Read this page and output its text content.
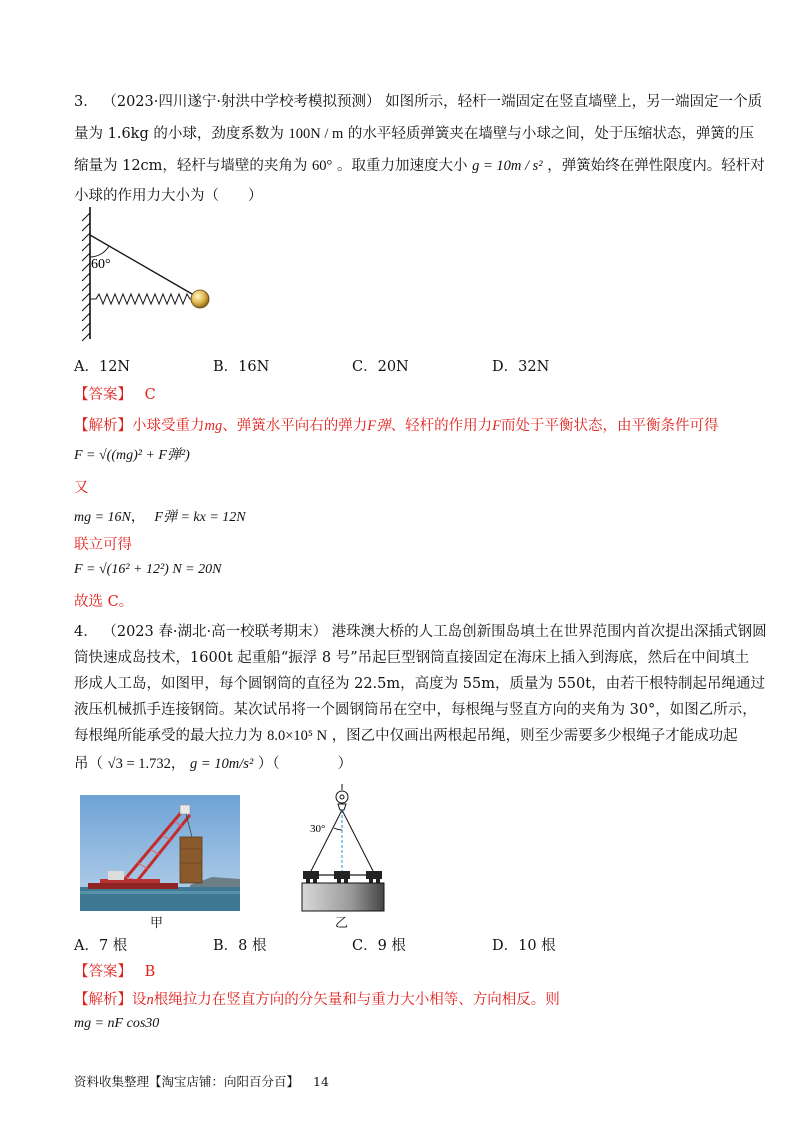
3． （2023·四川遂宁·射洪中学校考模拟预测） 如图所示，轻杆一端固定在竖直墙壁上，另一端固定一个质
量为 1.6kg 的小球，劲度系数为 100N / m 的水平轻质弹簧夹在墙壁与小球之间，处于压缩状态，弹簧的压
缩量为 12cm，轻杆与墙壁的夹角为 60° 。取重力加速度大小 g = 10m / s² ，弹簧始终在弹性限度内。轻杆对
小球的作用力大小为（　　）
60°
A．12N	B．16N	C．20N	D．32N
【答案】 C
【解析】小球受重力mg、弹簧水平向右的弹力F弹、轻杆的作用力F而处于平衡状态，由平衡条件可得
F = √((mg)² + F弹²)
又
mg = 16N， F弹 = kx = 12N
联立可得
F = √(16² + 12²) N = 20N
故选 C。
4． （2023 春·湖北·高一校联考期末） 港珠澳大桥的人工岛创新围岛填土在世界范围内首次提出深插式钢圆
筒快速成岛技术，1600t 起重船“振浮 8 号”吊起巨型钢筒直接固定在海床上插入到海底，然后在中间填土
形成人工岛，如图甲，每个圆钢筒的直径为 22.5m，高度为 55m，质量为 550t，由若干根特制起吊绳通过
液压机械抓手连接钢筒。某次试吊将一个圆钢筒吊在空中，每根绳与竖直方向的夹角为 30°，如图乙所示，
每根绳所能承受的最大拉力为 8.0×10⁵ N ，图乙中仅画出两根起吊绳，则至少需要多少根绳子才能成功起
吊（ √3 = 1.732， g = 10m/s² ）（　　　　）
甲
30°
乙
A．7 根	B．8 根	C．9 根	D．10 根
【答案】 B
【解析】设n根绳拉力在竖直方向的分矢量和与重力大小相等、方向相反。则
mg = nF cos30
资料收集整理【淘宝店铺：向阳百分百】 14
